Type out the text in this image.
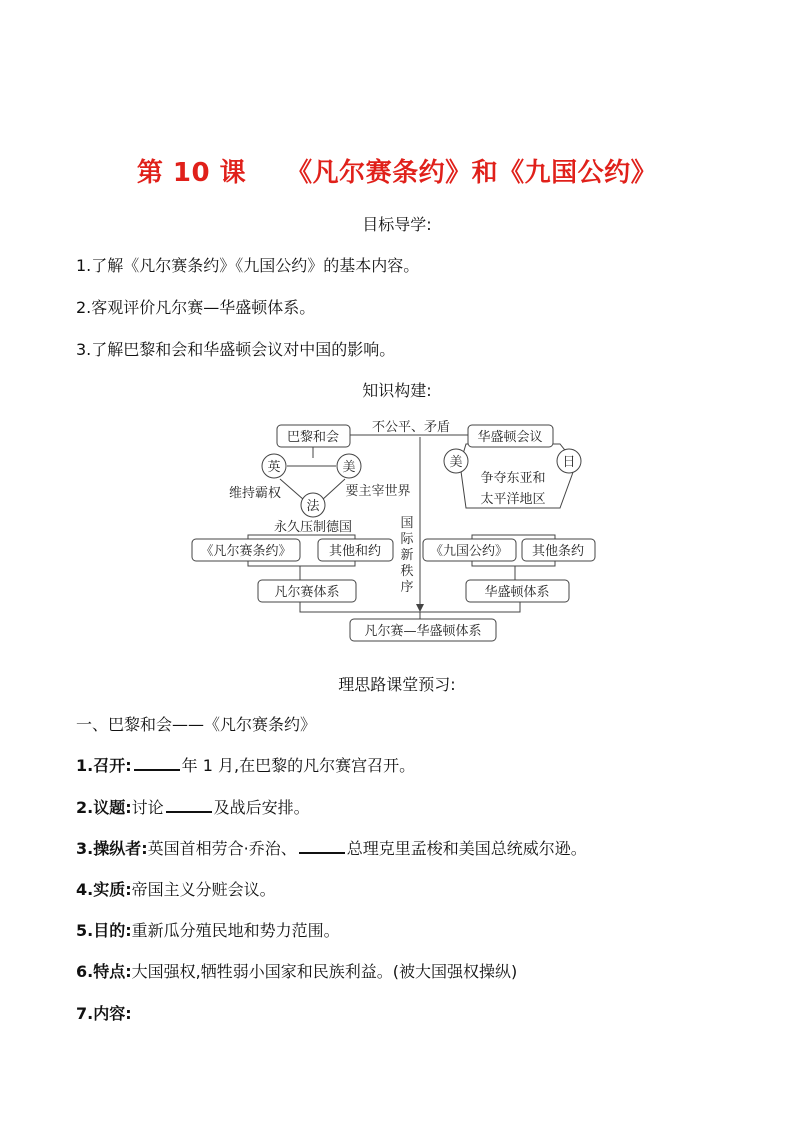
第 10 课 《凡尔赛条约》和《九国公约》
目标导学:
1.了解《凡尔赛条约》《九国公约》的基本内容。
2.客观评价凡尔赛—华盛顿体系。
3.了解巴黎和会和华盛顿会议对中国的影响。
知识构建:
巴黎和会
不公平、矛盾
华盛顿会议
英	美
法
美	日
维持霸权	要主宰世界
永久压制德国
争夺东亚和
太平洋地区
《凡尔赛条约》	其他和约	《九国公约》 其他条约
国
际
新
秩
序
凡尔赛体系	华盛顿体系
凡尔赛—华盛顿体系
理思路课堂预习:
一、巴黎和会——《凡尔赛条约》
1.召开:	年 1 月,在巴黎的凡尔赛宫召开。
2.议题:讨论	及战后安排。
3.操纵者:英国首相劳合·乔治、	总理克里孟梭和美国总统威尔逊。
4.实质:帝国主义分赃会议。
5.目的:重新瓜分殖民地和势力范围。
6.特点:大国强权,牺牲弱小国家和民族利益。(被大国强权操纵)
7.内容:
